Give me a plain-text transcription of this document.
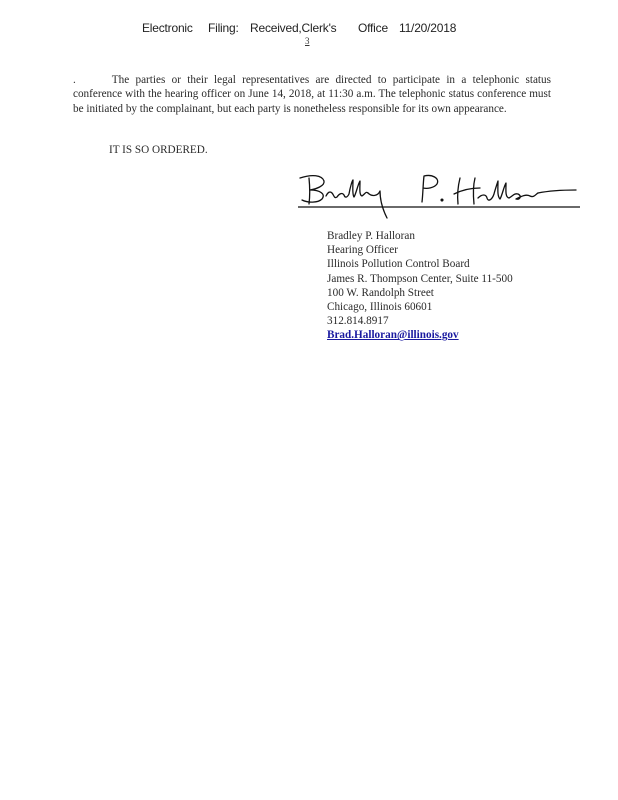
Electronic Filing: Received,Clerk's Office 11/20/2018
3
.	The parties or their legal representatives are directed to participate in a telephonic status conference with the hearing officer on June 14, 2018, at 11:30 a.m. The telephonic status conference must be initiated by the complainant, but each party is nonetheless responsible for its own appearance.
IT IS SO ORDERED.
Bradley P. Halloran
Hearing Officer
Illinois Pollution Control Board
James R. Thompson Center, Suite 11-500
100 W. Randolph Street
Chicago, Illinois 60601
312.814.8917
Brad.Halloran@illinois.gov
